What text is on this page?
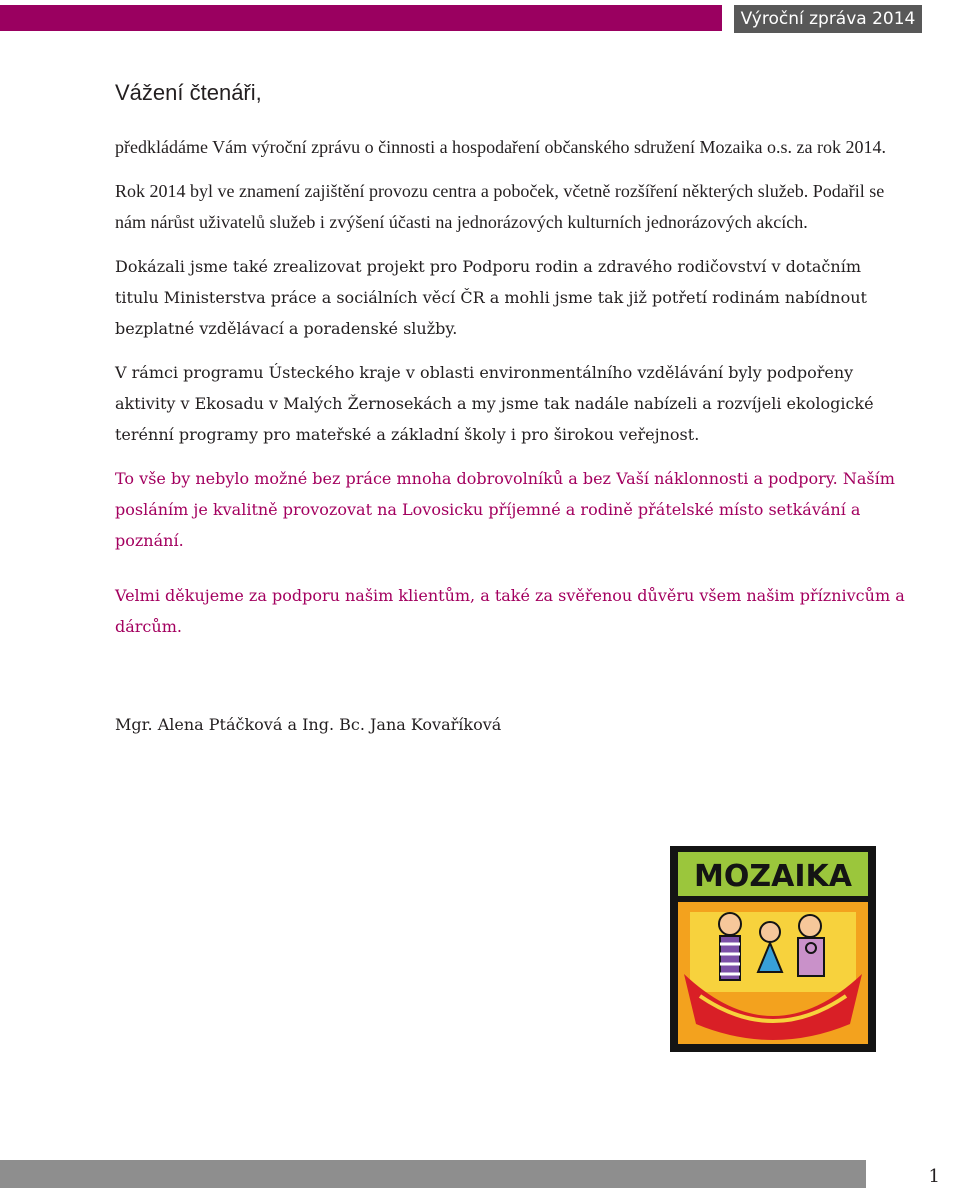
Výroční zpráva 2014
Vážení čtenáři,

předkládáme Vám výroční zprávu o činnosti a hospodaření občanského sdružení Mozaika o.s. za rok 2014.

Rok 2014 byl ve znamení zajištění provozu centra a poboček, včetně rozšíření některých služeb. Podařil se nám nárůst uživatelů služeb i zvýšení účasti na jednorázových kulturních jednorázových akcích.

Dokázali jsme také zrealizovat projekt pro Podporu rodin a zdravého rodičovství v dotačním titulu Ministerstva práce a sociálních věcí ČR a mohli jsme tak již potřetí rodinám nabídnout bezplatné vzdělávací a poradenské služby.

V rámci programu Ústeckého kraje v oblasti environmentálního vzdělávání byly podpořeny aktivity v Ekosadu v Malých Žernosekách a my jsme tak nadále nabízeli a rozvíjeli ekologické terénní programy pro mateřské a základní školy i pro širokou veřejnost.

To vše by nebylo možné bez práce mnoha dobrovolníků a bez Vaší náklonnosti a podpory. Naším posláním je kvalitně provozovat na Lovosicku příjemné a rodině přátelské místo setkávání a poznání.

Velmi děkujeme za podporu našim klientům, a také za svěřenou důvěru všem našim příznivcům a dárcům.

Mgr. Alena Ptáčková a Ing. Bc. Jana Kovaříková
MOZAIKA
1
